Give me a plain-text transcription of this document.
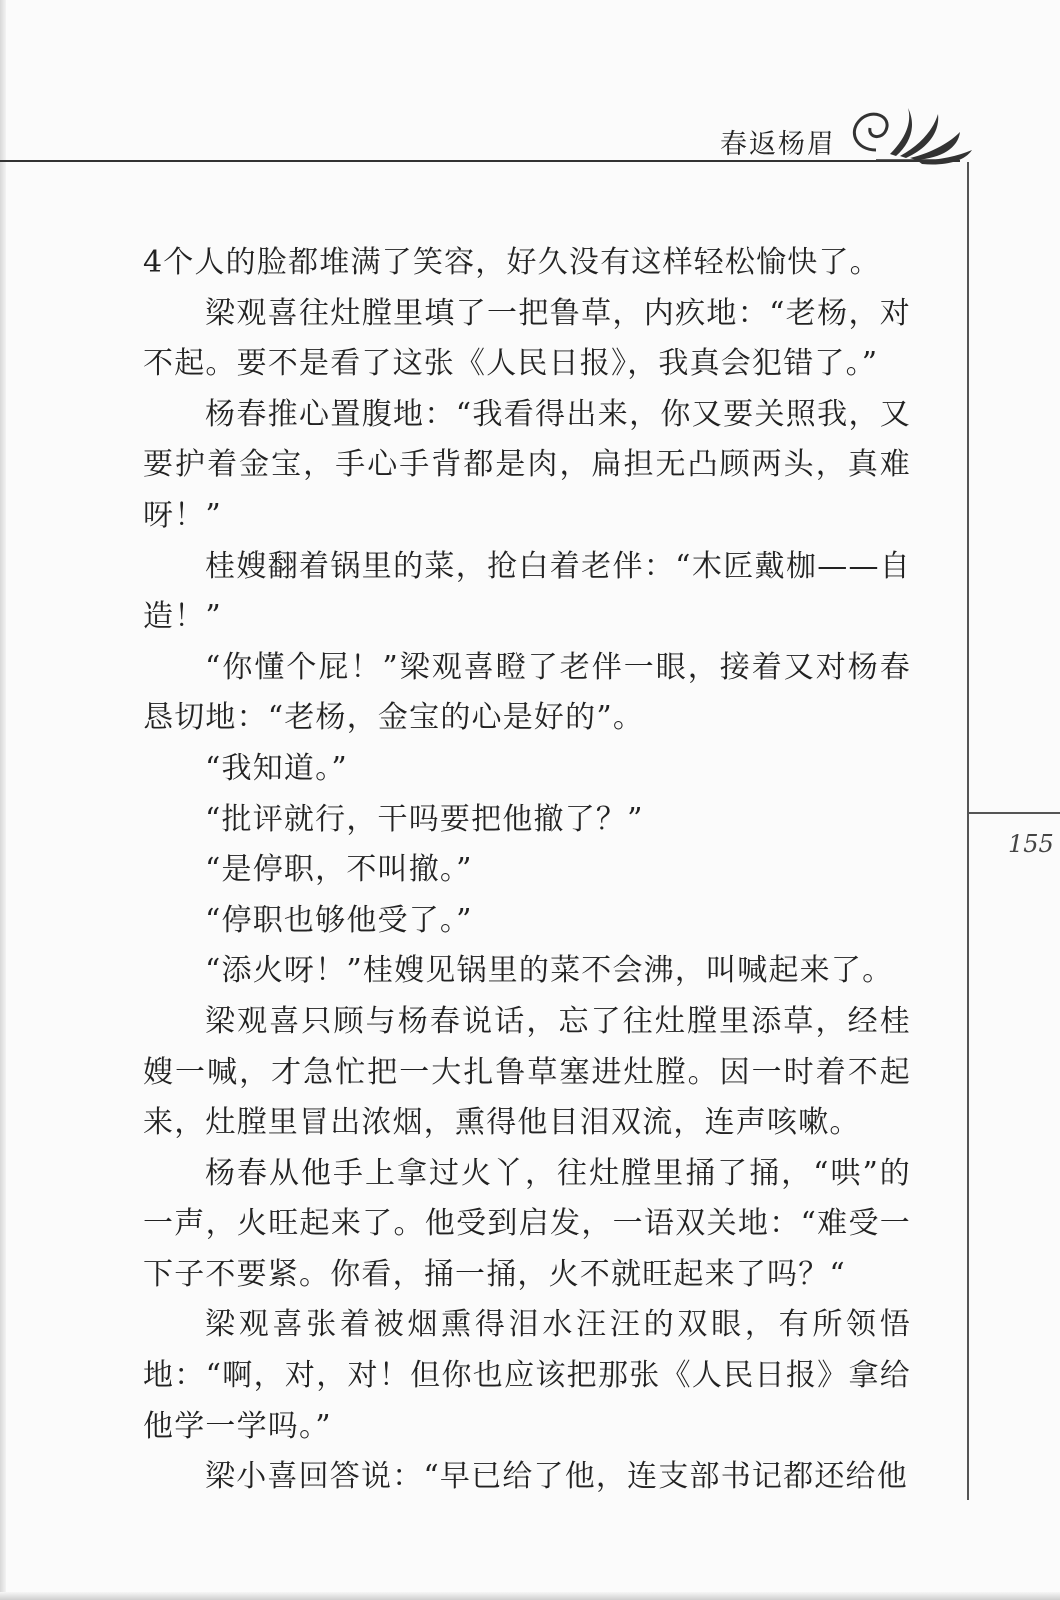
春返杨眉
155

4个人的脸都堆满了笑容，好久没有这样轻松愉快了。

梁观喜往灶膛里填了一把鲁草，内疚地：“老杨，对不起。要不是看了这张《人民日报》，我真会犯错了。”

杨春推心置腹地：“我看得出来，你又要关照我，又要护着金宝，手心手背都是肉，扁担无凸顾两头，真难呀！”

桂嫂翻着锅里的菜，抢白着老伴：“木匠戴枷——自造！”

“你懂个屁！”梁观喜瞪了老伴一眼，接着又对杨春恳切地：“老杨，金宝的心是好的”。

“我知道。”

“批评就行，干吗要把他撤了？”

“是停职，不叫撤。”

“停职也够他受了。”

“添火呀！”桂嫂见锅里的菜不会沸，叫喊起来了。

梁观喜只顾与杨春说话，忘了往灶膛里添草，经桂嫂一喊，才急忙把一大扎鲁草塞进灶膛。因一时着不起来，灶膛里冒出浓烟，熏得他目泪双流，连声咳嗽。

杨春从他手上拿过火丫，往灶膛里捅了捅，“哄”的一声，火旺起来了。他受到启发，一语双关地：“难受一下子不要紧。你看，捅一捅，火不就旺起来了吗？“

梁观喜张着被烟熏得泪水汪汪的双眼，有所领悟地：“啊，对，对！但你也应该把那张《人民日报》拿给他学一学吗。”

梁小喜回答说：“早已给了他，连支部书记都还给他
